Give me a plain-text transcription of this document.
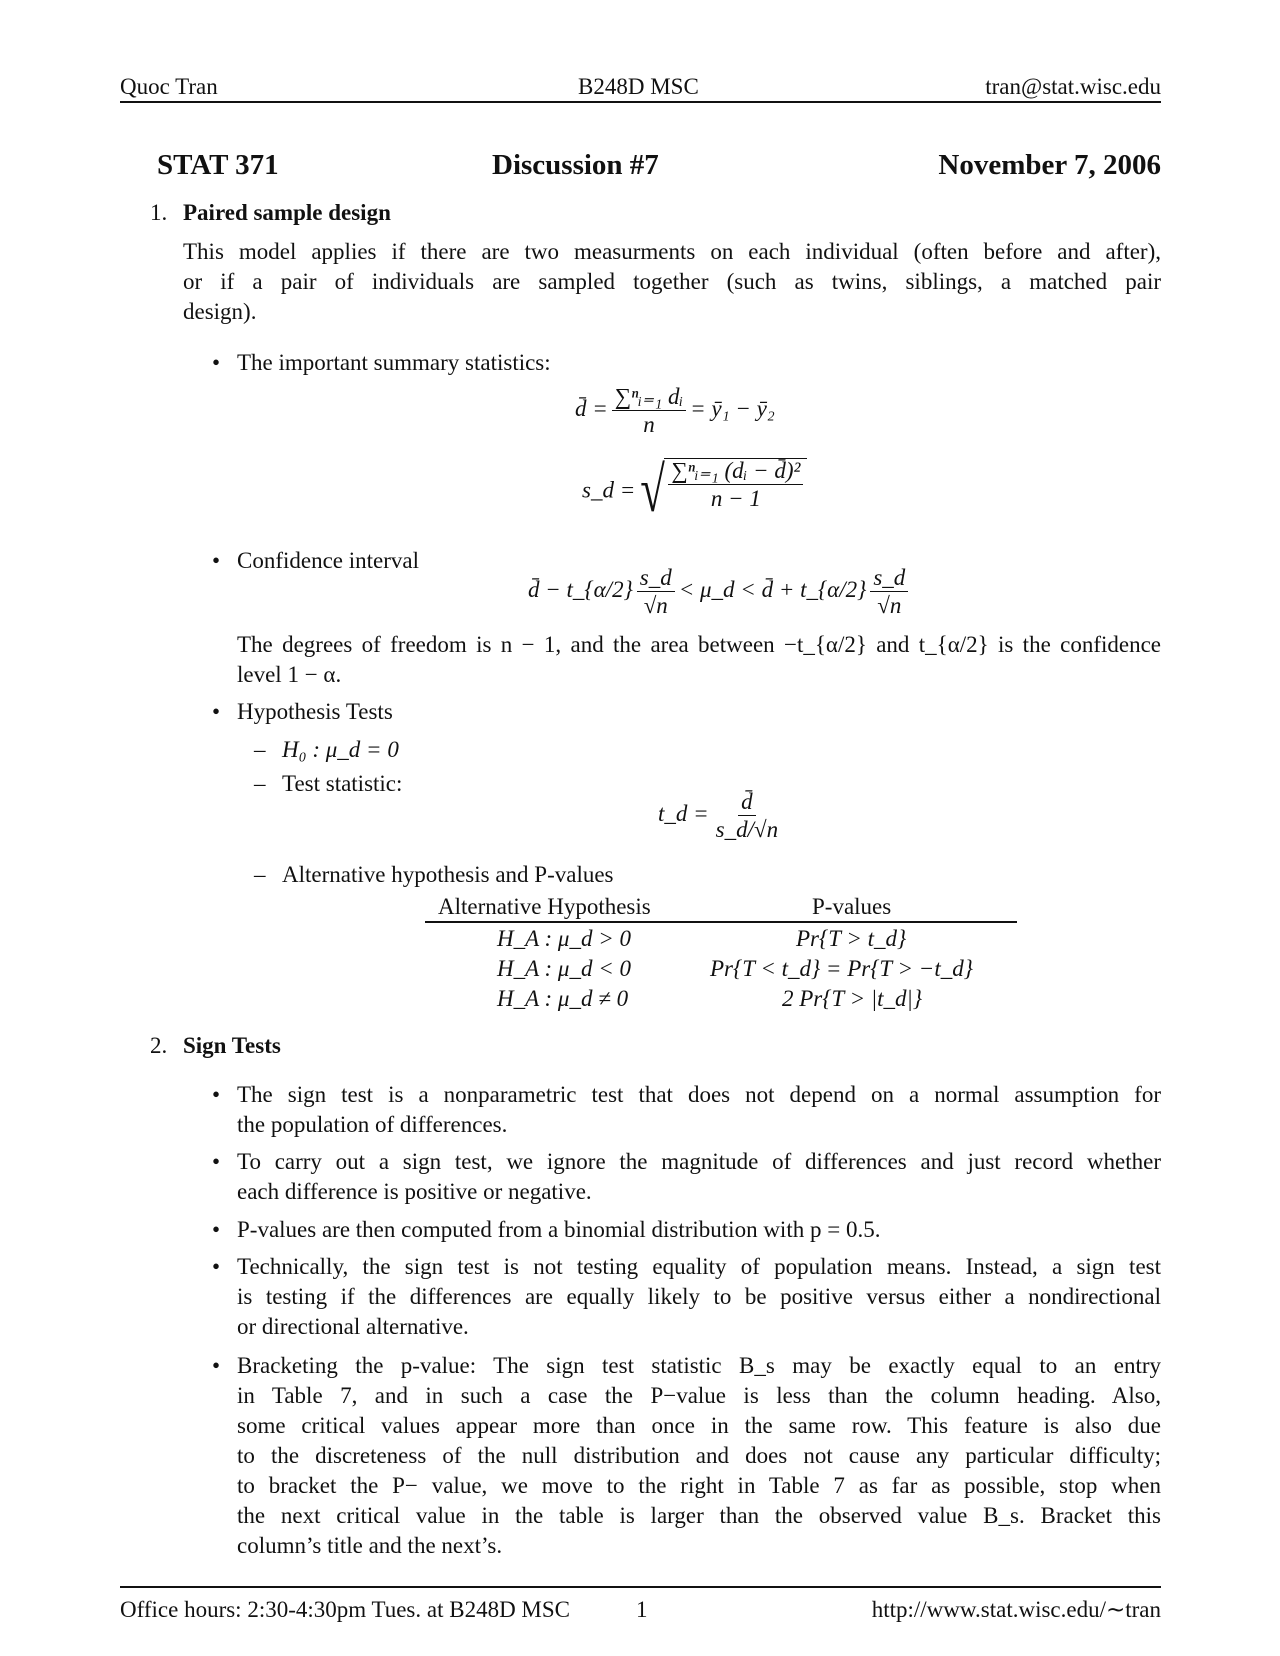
Quoc Tran	B248D MSC	tran@stat.wisc.edu
STAT 371	Discussion #7	November 7, 2006
1. Paired sample design
This model applies if there are two measurments on each individual (often before and after),
or if a pair of individuals are sampled together (such as twins, siblings, a matched pair
design).
• The important summary statistics:
d̄ = $\frac{\text{∑ⁿᵢ₌₁ dᵢ}}{n}$ = ȳ₁ − ȳ₂
s_d = √ $\frac{\text{∑ⁿᵢ₌₁ (dᵢ − d̄)²}}{n - 1}$
• Confidence interval
d̄ − t_{α/2} $\frac{s\_d}{√n}$ < μ_d < d̄ + t_{α/2} $\frac{s\_d}{√n}$
The degrees of freedom is n − 1, and the area between −t_{α/2} and t_{α/2} is the confidence
level 1 − α.
• Hypothesis Tests
– H₀ : μ_d = 0
– Test statistic:
t_d = $\frac{d̄}{s\_d/√n}$
– Alternative hypothesis and P-values
Alternative Hypothesis	P-values
H_A : μ_d > 0	Pr{T > t_d}
H_A : μ_d < 0	Pr{T < t_d} = Pr{T > −t_d}
H_A : μ_d ≠ 0	2 Pr{T > |t_d|}
2. Sign Tests
• The sign test is a nonparametric test that does not depend on a normal assumption for
the population of differences.
• To carry out a sign test, we ignore the magnitude of differences and just record whether
each difference is positive or negative.
• P-values are then computed from a binomial distribution with p = 0.5.
• Technically, the sign test is not testing equality of population means. Instead, a sign test
is testing if the differences are equally likely to be positive versus either a nondirectional
or directional alternative.
• Bracketing the p-value: The sign test statistic B_s may be exactly equal to an entry
in Table 7, and in such a case the P−value is less than the column heading. Also,
some critical values appear more than once in the same row. This feature is also due
to the discreteness of the null distribution and does not cause any particular difficulty;
to bracket the P− value, we move to the right in Table 7 as far as possible, stop when
the next critical value in the table is larger than the observed value B_s. Bracket this
column’s title and the next’s.
Office hours: 2:30-4:30pm Tues. at B248D MSC	1	http://www.stat.wisc.edu/∼tran
